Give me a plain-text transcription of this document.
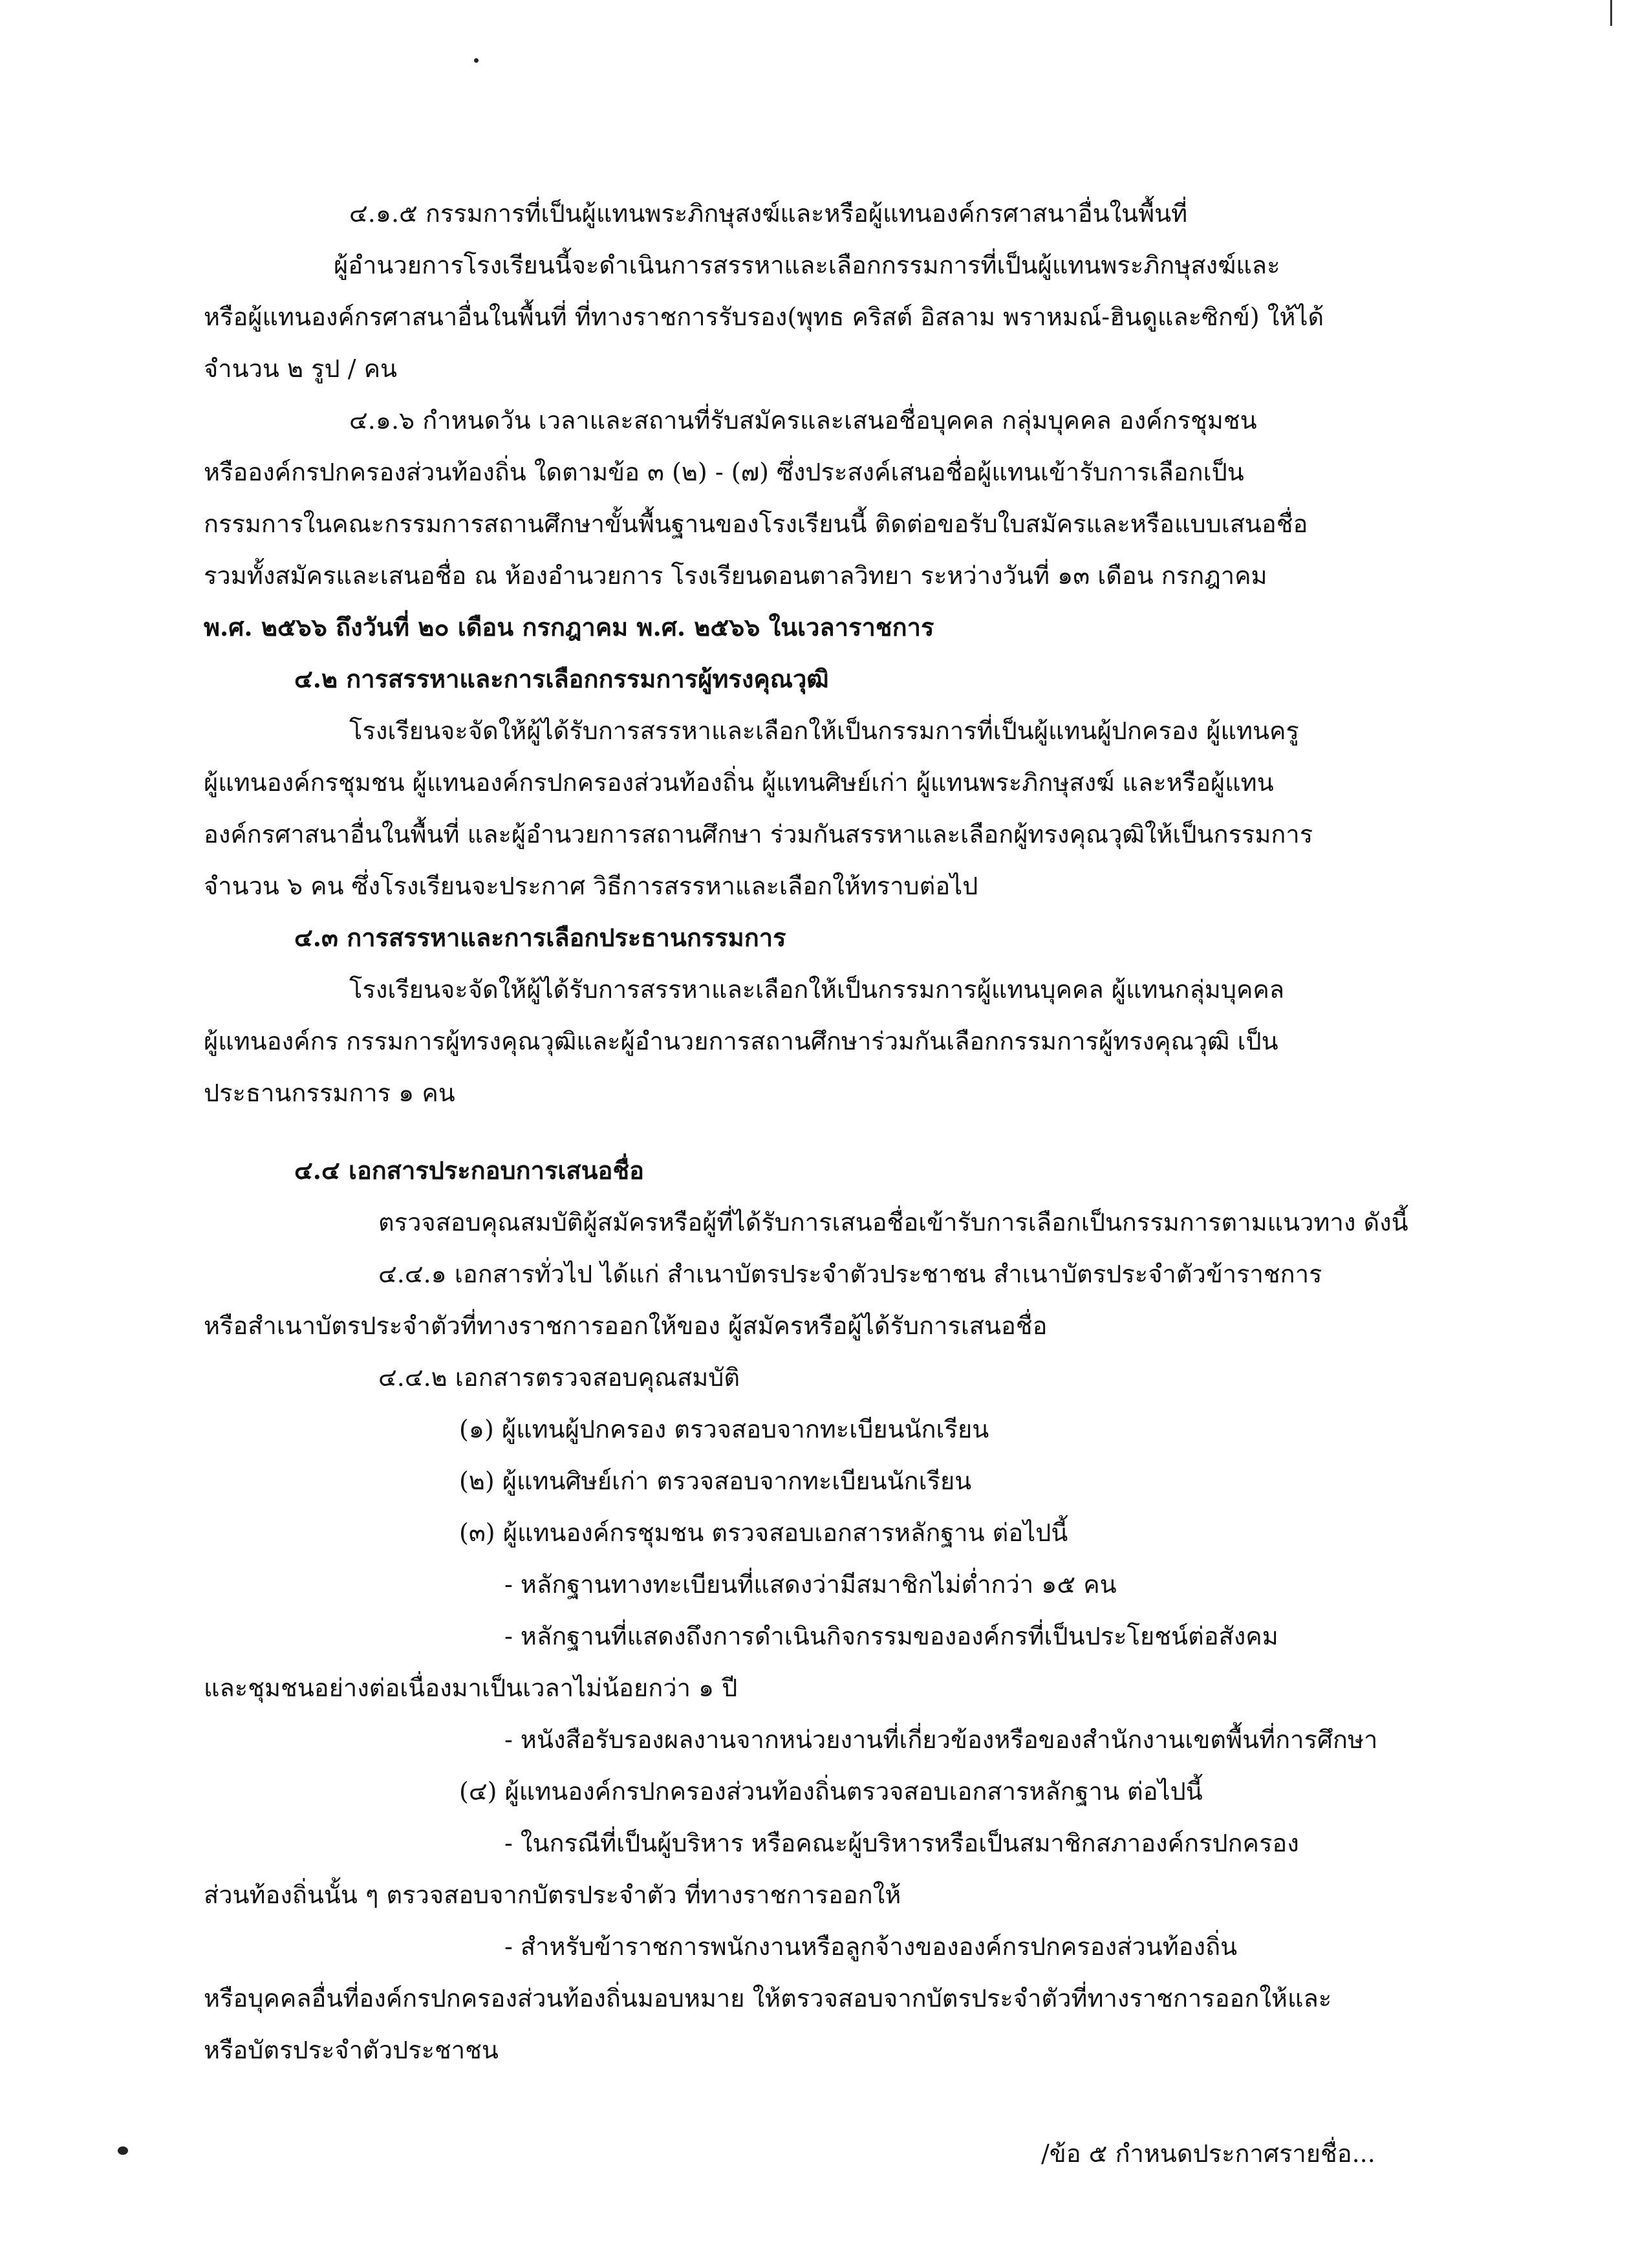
๔.๑.๕ กรรมการที่เป็นผู้แทนพระภิกษุสงฆ์และหรือผู้แทนองค์กรศาสนาอื่นในพื้นที่

ผู้อำนวยการโรงเรียนนี้จะดำเนินการสรรหาและเลือกกรรมการที่เป็นผู้แทนพระภิกษุสงฆ์และ

หรือผู้แทนองค์กรศาสนาอื่นในพื้นที่ ที่ทางราชการรับรอง(พุทธ คริสต์ อิสลาม พราหมณ์-ฮินดูและซิกข์) ให้ได้

จำนวน ๒ รูป / คน

๔.๑.๖ กำหนดวัน เวลาและสถานที่รับสมัครและเสนอชื่อบุคคล กลุ่มบุคคล องค์กรชุมชน

หรือองค์กรปกครองส่วนท้องถิ่น ใดตามข้อ ๓ (๒) - (๗) ซึ่งประสงค์เสนอชื่อผู้แทนเข้ารับการเลือกเป็น

กรรมการในคณะกรรมการสถานศึกษาขั้นพื้นฐานของโรงเรียนนี้ ติดต่อขอรับใบสมัครและหรือแบบเสนอชื่อ

รวมทั้งสมัครและเสนอชื่อ ณ ห้องอำนวยการ โรงเรียนดอนตาลวิทยา ระหว่างวันที่ ๑๓ เดือน กรกฎาคม

พ.ศ. ๒๕๖๖ ถึงวันที่ ๒๐ เดือน กรกฎาคม พ.ศ. ๒๕๖๖ ในเวลาราชการ

๔.๒ การสรรหาและการเลือกกรรมการผู้ทรงคุณวุฒิ

โรงเรียนจะจัดให้ผู้ได้รับการสรรหาและเลือกให้เป็นกรรมการที่เป็นผู้แทนผู้ปกครอง ผู้แทนครู

ผู้แทนองค์กรชุมชน ผู้แทนองค์กรปกครองส่วนท้องถิ่น ผู้แทนศิษย์เก่า ผู้แทนพระภิกษุสงฆ์ และหรือผู้แทน

องค์กรศาสนาอื่นในพื้นที่ และผู้อำนวยการสถานศึกษา ร่วมกันสรรหาและเลือกผู้ทรงคุณวุฒิให้เป็นกรรมการ

จำนวน ๖ คน ซึ่งโรงเรียนจะประกาศ วิธีการสรรหาและเลือกให้ทราบต่อไป

๔.๓ การสรรหาและการเลือกประธานกรรมการ

โรงเรียนจะจัดให้ผู้ได้รับการสรรหาและเลือกให้เป็นกรรมการผู้แทนบุคคล ผู้แทนกลุ่มบุคคล

ผู้แทนองค์กร กรรมการผู้ทรงคุณวุฒิและผู้อำนวยการสถานศึกษาร่วมกันเลือกกรรมการผู้ทรงคุณวุฒิ เป็น

ประธานกรรมการ ๑ คน

๔.๔ เอกสารประกอบการเสนอชื่อ

ตรวจสอบคุณสมบัติผู้สมัครหรือผู้ที่ได้รับการเสนอชื่อเข้ารับการเลือกเป็นกรรมการตามแนวทาง ดังนี้

๔.๔.๑ เอกสารทั่วไป ได้แก่ สำเนาบัตรประจำตัวประชาชน สำเนาบัตรประจำตัวข้าราชการ

หรือสำเนาบัตรประจำตัวที่ทางราชการออกให้ของ ผู้สมัครหรือผู้ได้รับการเสนอชื่อ

๔.๔.๒ เอกสารตรวจสอบคุณสมบัติ

(๑) ผู้แทนผู้ปกครอง ตรวจสอบจากทะเบียนนักเรียน

(๒) ผู้แทนศิษย์เก่า ตรวจสอบจากทะเบียนนักเรียน

(๓) ผู้แทนองค์กรชุมชน ตรวจสอบเอกสารหลักฐาน ต่อไปนี้

- หลักฐานทางทะเบียนที่แสดงว่ามีสมาชิกไม่ต่ำกว่า ๑๕ คน

- หลักฐานที่แสดงถึงการดำเนินกิจกรรมขององค์กรที่เป็นประโยชน์ต่อสังคม

และชุมชนอย่างต่อเนื่องมาเป็นเวลาไม่น้อยกว่า ๑ ปี

- หนังสือรับรองผลงานจากหน่วยงานที่เกี่ยวข้องหรือของสำนักงานเขตพื้นที่การศึกษา

(๔) ผู้แทนองค์กรปกครองส่วนท้องถิ่นตรวจสอบเอกสารหลักฐาน ต่อไปนี้

- ในกรณีที่เป็นผู้บริหาร หรือคณะผู้บริหารหรือเป็นสมาชิกสภาองค์กรปกครอง

ส่วนท้องถิ่นนั้น ๆ ตรวจสอบจากบัตรประจำตัว ที่ทางราชการออกให้

- สำหรับข้าราชการพนักงานหรือลูกจ้างขององค์กรปกครองส่วนท้องถิ่น

หรือบุคคลอื่นที่องค์กรปกครองส่วนท้องถิ่นมอบหมาย ให้ตรวจสอบจากบัตรประจำตัวที่ทางราชการออกให้และ

หรือบัตรประจำตัวประชาชน

/ข้อ ๕ กำหนดประกาศรายชื่อ...
